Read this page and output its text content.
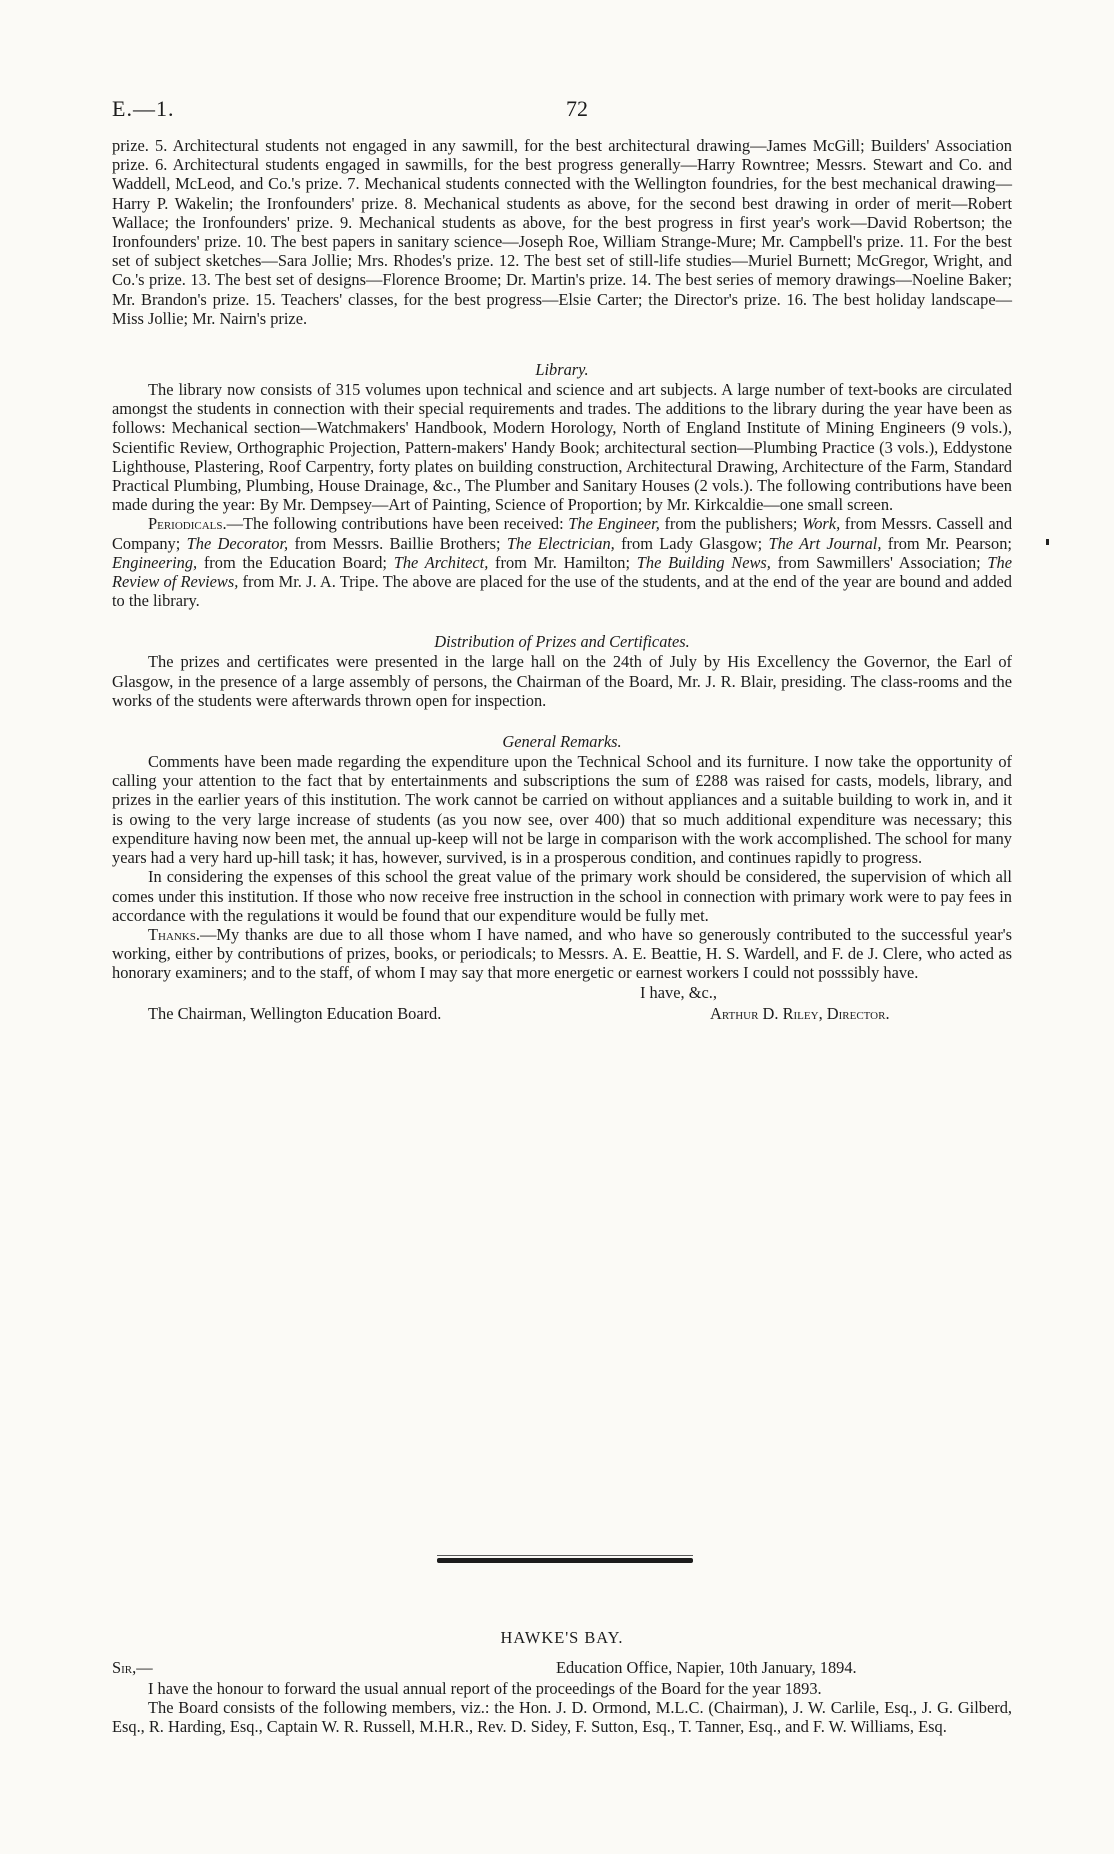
E.—1.	72

prize. 5. Architectural students not engaged in any sawmill, for the best architectural drawing—James McGill; Builders' Association prize. 6. Architectural students engaged in sawmills, for the best progress generally—Harry Rowntree; Messrs. Stewart and Co. and Waddell, McLeod, and Co.'s prize. 7. Mechanical students connected with the Wellington foundries, for the best mechanical drawing—Harry P. Wakelin; the Ironfounders' prize. 8. Mechanical students as above, for the second best drawing in order of merit—Robert Wallace; the Ironfounders' prize. 9. Mechanical students as above, for the best progress in first year's work—David Robertson; the Ironfounders' prize. 10. The best papers in sanitary science—Joseph Roe, William Strange-Mure; Mr. Campbell's prize. 11. For the best set of subject sketches—Sara Jollie; Mrs. Rhodes's prize. 12. The best set of still-life studies—Muriel Burnett; McGregor, Wright, and Co.'s prize. 13. The best set of designs—Florence Broome; Dr. Martin's prize. 14. The best series of memory drawings—Noeline Baker; Mr. Brandon's prize. 15. Teachers' classes, for the best progress—Elsie Carter; the Director's prize. 16. The best holiday landscape—Miss Jollie; Mr. Nairn's prize.

Library.

The library now consists of 315 volumes upon technical and science and art subjects. A large number of text-books are circulated amongst the students in connection with their special requirements and trades. The additions to the library during the year have been as follows: Mechanical section—Watchmakers' Handbook, Modern Horology, North of England Institute of Mining Engineers (9 vols.), Scientific Review, Orthographic Projection, Pattern-makers' Handy Book; architectural section—Plumbing Practice (3 vols.), Eddystone Lighthouse, Plastering, Roof Carpentry, forty plates on building construction, Architectural Drawing, Architecture of the Farm, Standard Practical Plumbing, Plumbing, House Drainage, &c., The Plumber and Sanitary Houses (2 vols.). The following contributions have been made during the year: By Mr. Dempsey—Art of Painting, Science of Proportion; by Mr. Kirkcaldie—one small screen.

Periodicals.—The following contributions have been received: The Engineer, from the publishers; Work, from Messrs. Cassell and Company; The Decorator, from Messrs. Baillie Brothers; The Electrician, from Lady Glasgow; The Art Journal, from Mr. Pearson; Engineering, from the Education Board; The Architect, from Mr. Hamilton; The Building News, from Sawmillers' Association; The Review of Reviews, from Mr. J. A. Tripe. The above are placed for the use of the students, and at the end of the year are bound and added to the library.

Distribution of Prizes and Certificates.

The prizes and certificates were presented in the large hall on the 24th of July by His Excellency the Governor, the Earl of Glasgow, in the presence of a large assembly of persons, the Chairman of the Board, Mr. J. R. Blair, presiding. The class-rooms and the works of the students were afterwards thrown open for inspection.

General Remarks.

Comments have been made regarding the expenditure upon the Technical School and its furniture. I now take the opportunity of calling your attention to the fact that by entertainments and subscriptions the sum of £288 was raised for casts, models, library, and prizes in the earlier years of this institution. The work cannot be carried on without appliances and a suitable building to work in, and it is owing to the very large increase of students (as you now see, over 400) that so much additional expenditure was necessary; this expenditure having now been met, the annual up-keep will not be large in comparison with the work accomplished. The school for many years had a very hard up-hill task; it has, however, survived, is in a prosperous condition, and continues rapidly to progress.

In considering the expenses of this school the great value of the primary work should be considered, the supervision of which all comes under this institution. If those who now receive free instruction in the school in connection with primary work were to pay fees in accordance with the regulations it would be found that our expenditure would be fully met.

Thanks.—My thanks are due to all those whom I have named, and who have so generously contributed to the successful year's working, either by contributions of prizes, books, or periodicals; to Messrs. A. E. Beattie, H. S. Wardell, and F. de J. Clere, who acted as honorary examiners; and to the staff, of whom I may say that more energetic or earnest workers I could not posssibly have.

I have, &c.,
The Chairman, Wellington Education Board.	Arthur D. Riley, Director.
HAWKE'S BAY.
Sir,—	Education Office, Napier, 10th January, 1894.

I have the honour to forward the usual annual report of the proceedings of the Board for the year 1893.

The Board consists of the following members, viz.: the Hon. J. D. Ormond, M.L.C. (Chairman), J. W. Carlile, Esq., J. G. Gilberd, Esq., R. Harding, Esq., Captain W. R. Russell, M.H.R., Rev. D. Sidey, F. Sutton, Esq., T. Tanner, Esq., and F. W. Williams, Esq.
